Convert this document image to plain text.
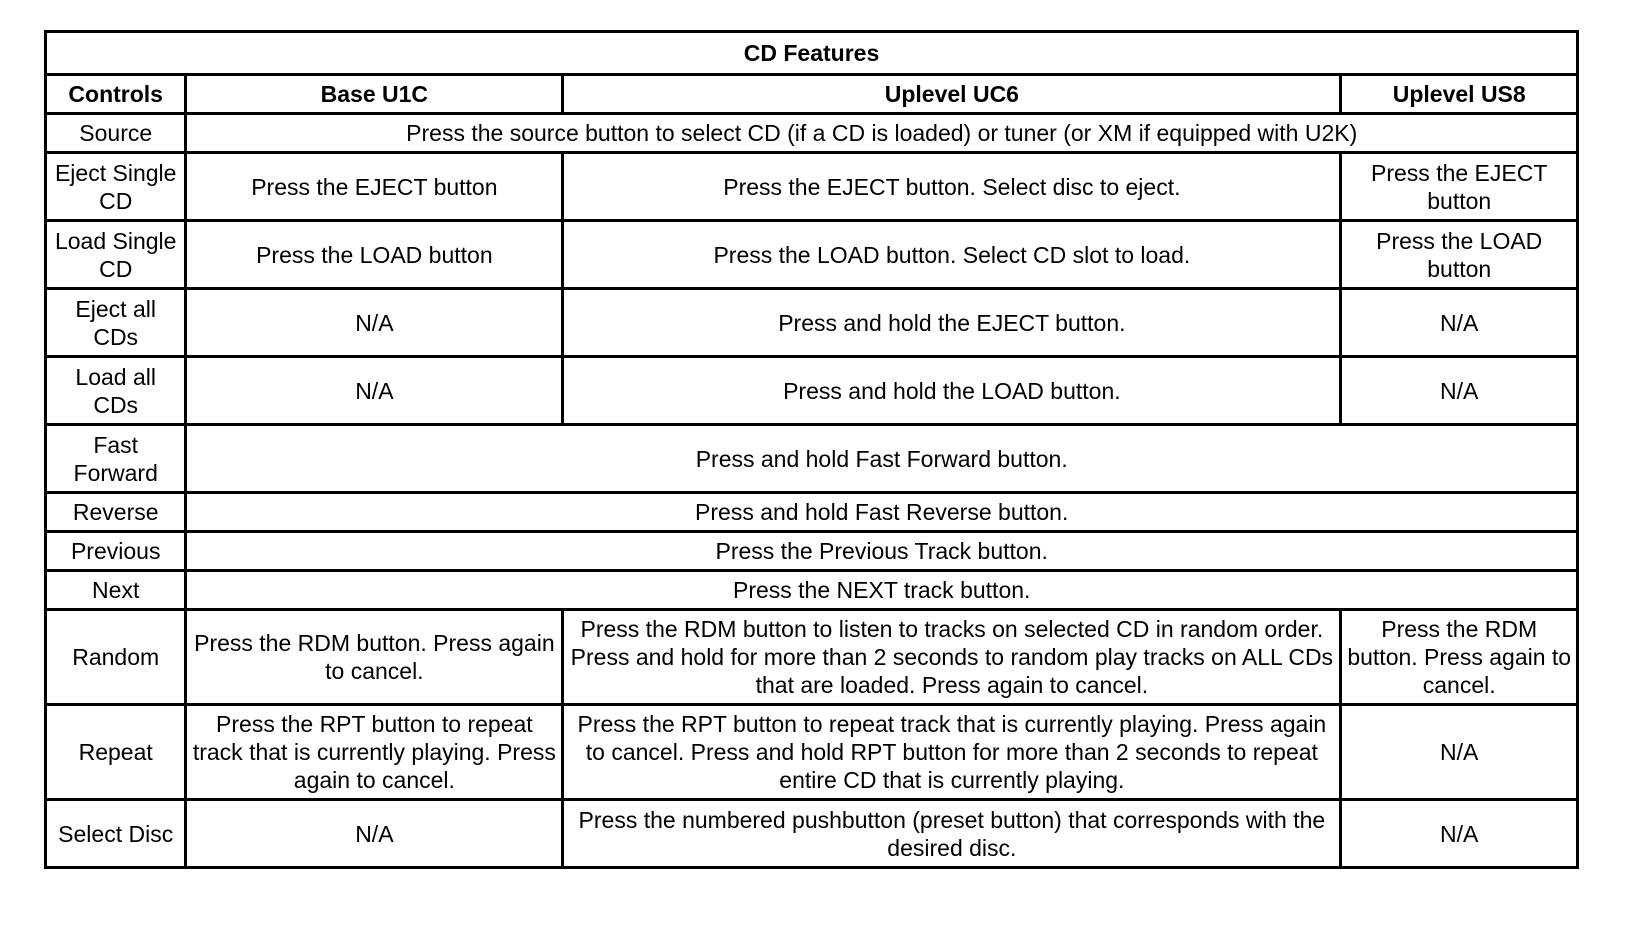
CD Features			
Controls	Base U1C	Uplevel UC6	Uplevel US8
Source	Press the source button to select CD (if a CD is loaded) or tuner (or XM if equipped with U2K)		
Eject Single CD	Press the EJECT button	Press the EJECT button. Select disc to eject.	Press the EJECT button
Load Single CD	Press the LOAD button	Press the LOAD button. Select CD slot to load.	Press the LOAD button
Eject all CDs	N/A	Press and hold the EJECT button.	N/A
Load all CDs	N/A	Press and hold the LOAD button.	N/A
Fast Forward	Press and hold Fast Forward button.		
Reverse	Press and hold Fast Reverse button.		
Previous	Press the Previous Track button.		
Next	Press the NEXT track button.		
Random	Press the RDM button. Press again to cancel.	Press the RDM button to listen to tracks on selected CD in random order. Press and hold for more than 2 seconds to random play tracks on ALL CDs that are loaded. Press again to cancel.	Press the RDM button. Press again to cancel.
Repeat	Press the RPT button to repeat track that is currently playing. Press again to cancel.	Press the RPT button to repeat track that is currently playing. Press again to cancel. Press and hold RPT button for more than 2 seconds to repeat entire CD that is currently playing.	N/A
Select Disc	N/A	Press the numbered pushbutton (preset button) that corresponds with the desired disc.	N/A
